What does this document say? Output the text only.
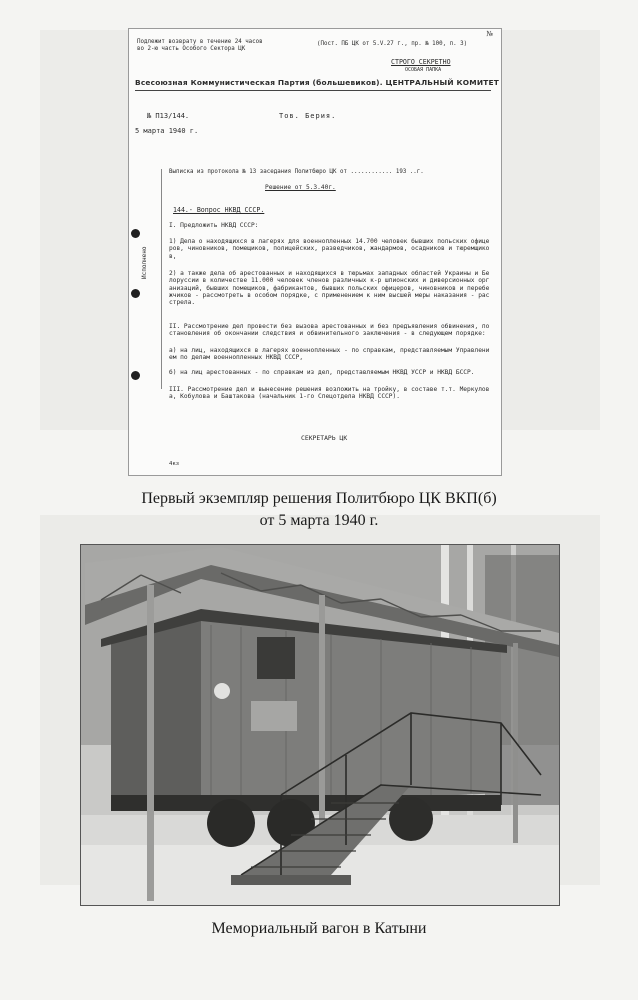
№
Подлежит возврату в течение 24 часов
во 2-ю часть Особого Сектора ЦК
(Пост. ПБ ЦК от 5.V.27 г., пр. № 100, п. 3)
СТРОГО СЕКРЕТНО
ОСОБАЯ ПАПКА
Всесоюзная Коммунистическая Партия (большевиков). ЦЕНТРАЛЬНЫЙ КОМИТЕТ
№ П13/144.	Тов. Берия.
5 марта 1940 г.
Выписка из протокола № 13 заседания Политбюро ЦК от ............ 193 ..г.
Решение от 5.3.40г.
144.- Вопрос НКВД СССР.
Исполнено
I. Предложить НКВД СССР:
1) Дела о находящихся в лагерях для военнопленных 14.700 человек бывших польских офицеров, чиновников, помещиков, полицейских, разведчиков, жандармов, осадников и тюремщиков,
2) а также дела об арестованных и находящихся в тюрьмах западных областей Украины и Белоруссии в количестве 11.000 человек членов различных к-р шпионских и диверсионных организаций, бывших помещиков, фабрикантов, бывших польских офицеров, чиновников и перебежчиков - рассмотреть в особом порядке, с применением к ним высшей меры наказания - расстрела.
II. Рассмотрение дел провести без вызова арестованных и без предъявления обвинения, постановления об окончании следствия и обвинительного заключения - в следующем порядке:
а) на лиц, находящихся в лагерях военнопленных - по справкам, представляемым Управлением по делам военнопленных НКВД СССР,
б) на лиц арестованных - по справкам из дел, представляемым НКВД УССР и НКВД БССР.
III. Рассмотрение дел и вынесение решения возложить на тройку, в составе т.т. Меркулова, Кобулова и Баштакова (начальник 1-го Спецотдела НКВД СССР).
СЕКРЕТАРЬ ЦК
4кз
Первый экземпляр решения Политбюро ЦК ВКП(б)
от 5 марта 1940 г.
Мемориальный вагон в Катыни
